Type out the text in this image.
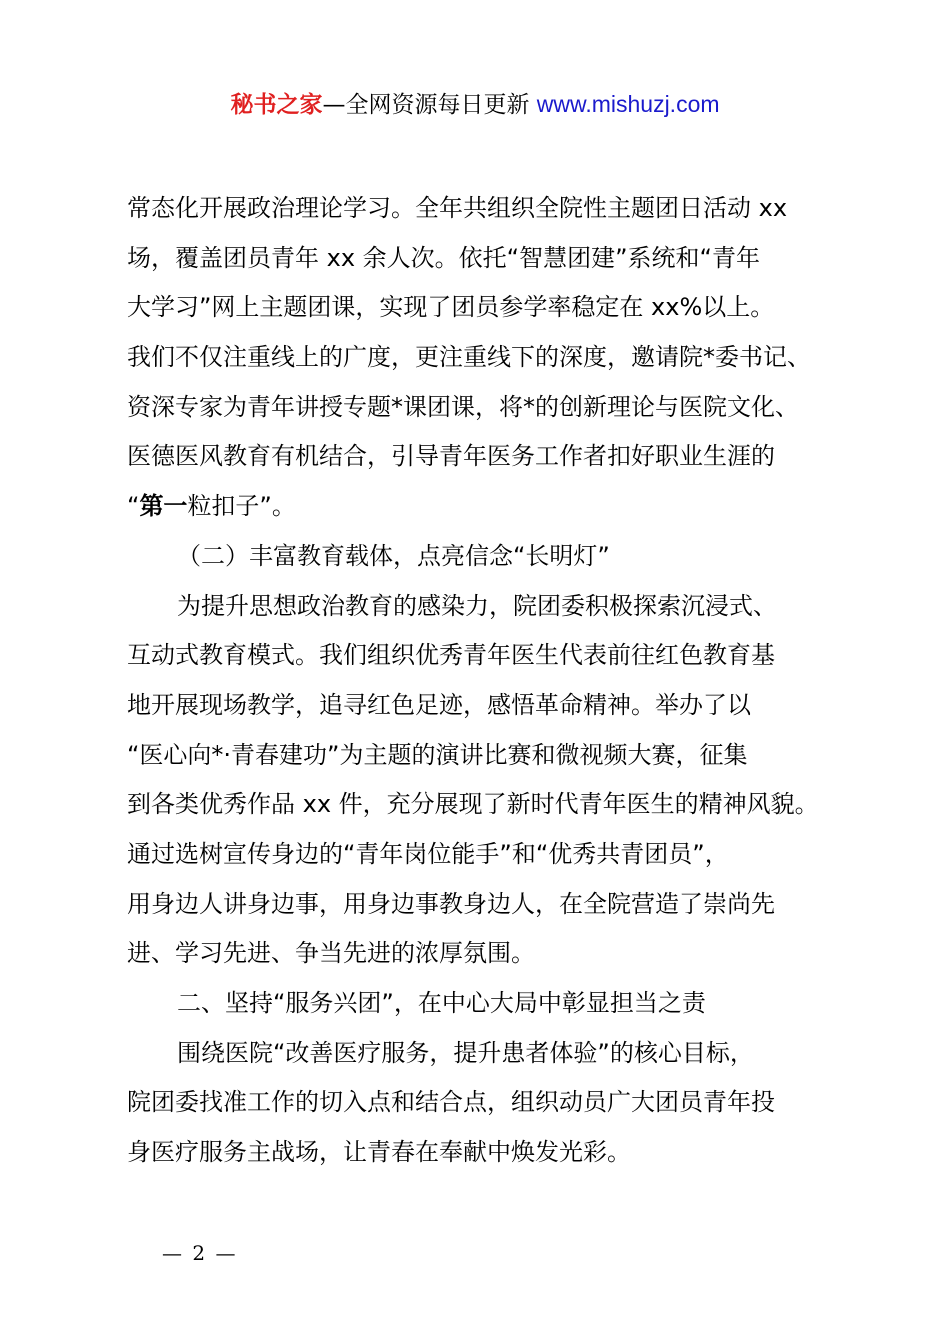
秘书之家—全网资源每日更新 www.mishuzj.com
常态化开展政治理论学习。全年共组织全院性主题团日活动 xx
场，覆盖团员青年 xx 余人次。依托“智慧团建”系统和“青年
大学习”网上主题团课，实现了团员参学率稳定在 xx%以上。
我们不仅注重线上的广度，更注重线下的深度，邀请院*委书记、
资深专家为青年讲授专题*课团课，将*的创新理论与医院文化、
医德医风教育有机结合，引导青年医务工作者扣好职业生涯的
“第一粒扣子”。
（二）丰富教育载体，点亮信念“长明灯”
为提升思想政治教育的感染力，院团委积极探索沉浸式、
互动式教育模式。我们组织优秀青年医生代表前往红色教育基
地开展现场教学，追寻红色足迹，感悟革命精神。举办了以
“医心向*·青春建功”为主题的演讲比赛和微视频大赛，征集
到各类优秀作品 xx 件，充分展现了新时代青年医生的精神风貌。
通过选树宣传身边的“青年岗位能手”和“优秀共青团员”，
用身边人讲身边事，用身边事教身边人，在全院营造了崇尚先
进、学习先进、争当先进的浓厚氛围。
二、坚持“服务兴团”，在中心大局中彰显担当之责
围绕医院“改善医疗服务，提升患者体验”的核心目标，
院团委找准工作的切入点和结合点，组织动员广大团员青年投
身医疗服务主战场，让青春在奉献中焕发光彩。
— 2 —
